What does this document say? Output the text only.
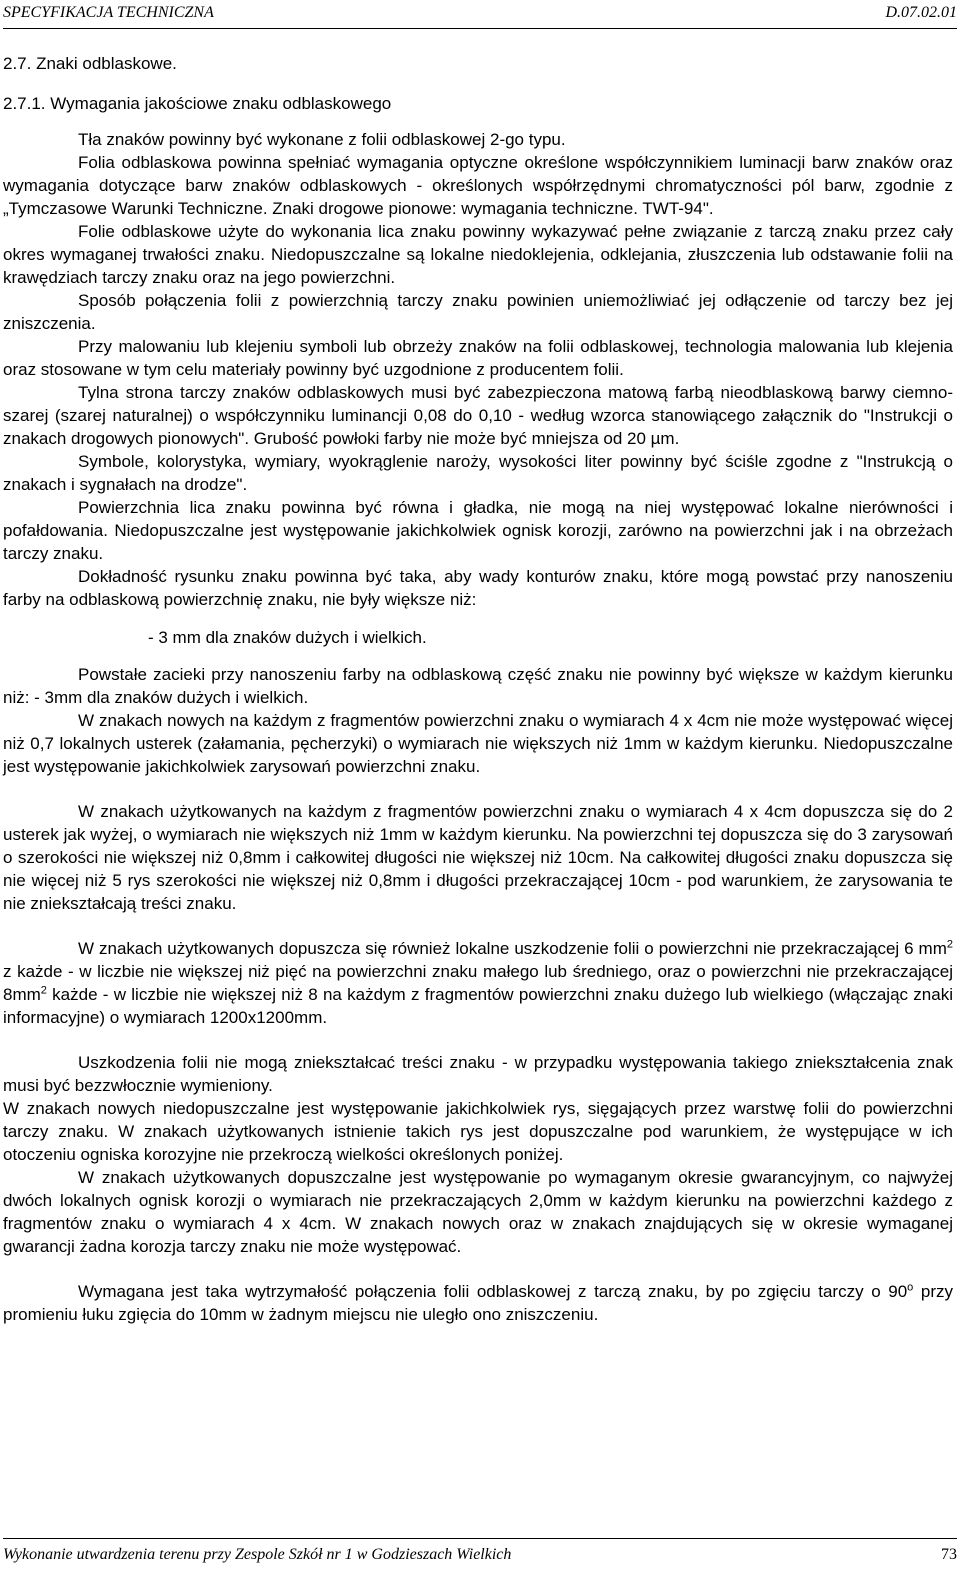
SPECYFIKACJA TECHNICZNA	D.07.02.01
2.7. Znaki odblaskowe.
2.7.1. Wymagania jakościowe znaku odblaskowego

Tła znaków powinny być wykonane z folii odblaskowej 2-go typu.

Folia odblaskowa powinna spełniać wymagania optyczne określone współczynnikiem luminacji barw znaków oraz wymagania dotyczące barw znaków odblaskowych - określonych współrzędnymi chromatyczności pól barw, zgodnie z „Tymczasowe Warunki Techniczne. Znaki drogowe pionowe: wymagania techniczne. TWT-94".

Folie odblaskowe użyte do wykonania lica znaku powinny wykazywać pełne związanie z tarczą znaku przez cały okres wymaganej trwałości znaku. Niedopuszczalne są lokalne niedoklejenia, odklejania, złuszczenia lub odstawanie folii na krawędziach tarczy znaku oraz na jego powierzchni.

Sposób połączenia folii z powierzchnią tarczy znaku powinien uniemożliwiać jej odłączenie od tarczy bez jej zniszczenia.

Przy malowaniu lub klejeniu symboli lub obrzeży znaków na folii odblaskowej, technologia malowania lub klejenia oraz stosowane w tym celu materiały powinny być uzgodnione z producentem folii.

Tylna strona tarczy znaków odblaskowych musi być zabezpieczona matową farbą nieodblaskową barwy ciemno-szarej (szarej naturalnej) o współczynniku luminancji 0,08 do 0,10 - według wzorca stanowiącego załącznik do "Instrukcji o znakach drogowych pionowych". Grubość powłoki farby nie może być mniejsza od 20 µm.

Symbole, kolorystyka, wymiary, wyokrąglenie naroży, wysokości liter powinny być ściśle zgodne z "Instrukcją o znakach i sygnałach na drodze".

Powierzchnia lica znaku powinna być równa i gładka, nie mogą na niej występować lokalne nierówności i pofałdowania. Niedopuszczalne jest występowanie jakichkolwiek ognisk korozji, zarówno na powierzchni jak i na obrzeżach tarczy znaku.

Dokładność rysunku znaku powinna być taka, aby wady konturów znaku, które mogą powstać przy nanoszeniu farby na odblaskową powierzchnię znaku, nie były większe niż:

- 3 mm dla znaków dużych i wielkich.

Powstałe zacieki przy nanoszeniu farby na odblaskową część znaku nie powinny być większe w każdym kierunku niż: - 3mm dla znaków dużych i wielkich.

W znakach nowych na każdym z fragmentów powierzchni znaku o wymiarach 4 x 4cm nie może występować więcej niż 0,7 lokalnych usterek (załamania, pęcherzyki) o wymiarach nie większych niż 1mm w każdym kierunku. Niedopuszczalne jest występowanie jakichkolwiek zarysowań powierzchni znaku.

W znakach użytkowanych na każdym z fragmentów powierzchni znaku o wymiarach 4 x 4cm dopuszcza się do 2 usterek jak wyżej, o wymiarach nie większych niż 1mm w każdym kierunku. Na powierzchni tej dopuszcza się do 3 zarysowań o szerokości nie większej niż 0,8mm i całkowitej długości nie większej niż 10cm. Na całkowitej długości znaku dopuszcza się nie więcej niż 5 rys szerokości nie większej niż 0,8mm i długości przekraczającej 10cm - pod warunkiem, że zarysowania te nie zniekształcają treści znaku.

W znakach użytkowanych dopuszcza się również lokalne uszkodzenie folii o powierzchni nie przekraczającej 6 $mm^2$ z każde - w liczbie nie większej niż pięć na powierzchni znaku małego lub średniego, oraz o powierzchni nie przekraczającej $8mm^2$ każde - w liczbie nie większej niż 8 na każdym z fragmentów powierzchni znaku dużego lub wielkiego (włączając znaki informacyjne) o wymiarach 1200x1200mm.

Uszkodzenia folii nie mogą zniekształcać treści znaku - w przypadku występowania takiego zniekształcenia znak musi być bezzwłocznie wymieniony.

W znakach nowych niedopuszczalne jest występowanie jakichkolwiek rys, sięgających przez warstwę folii do powierzchni tarczy znaku. W znakach użytkowanych istnienie takich rys jest dopuszczalne pod warunkiem, że występujące w ich otoczeniu ogniska korozyjne nie przekroczą wielkości określonych poniżej.

W znakach użytkowanych dopuszczalne jest występowanie po wymaganym okresie gwarancyjnym, co najwyżej dwóch lokalnych ognisk korozji o wymiarach nie przekraczających 2,0mm w każdym kierunku na powierzchni każdego z fragmentów znaku o wymiarach 4 x 4cm. W znakach nowych oraz w znakach znajdujących się w okresie wymaganej gwarancji żadna korozja tarczy znaku nie może występować.

Wymagana jest taka wytrzymałość połączenia folii odblaskowej z tarczą znaku, by po zgięciu tarczy o 90$^o$ przy promieniu łuku zgięcia do 10mm w żadnym miejscu nie uległo ono zniszczeniu.

Wykonanie utwardzenia terenu przy Zespole Szkół nr 1 w Godzieszach Wielkich	73
